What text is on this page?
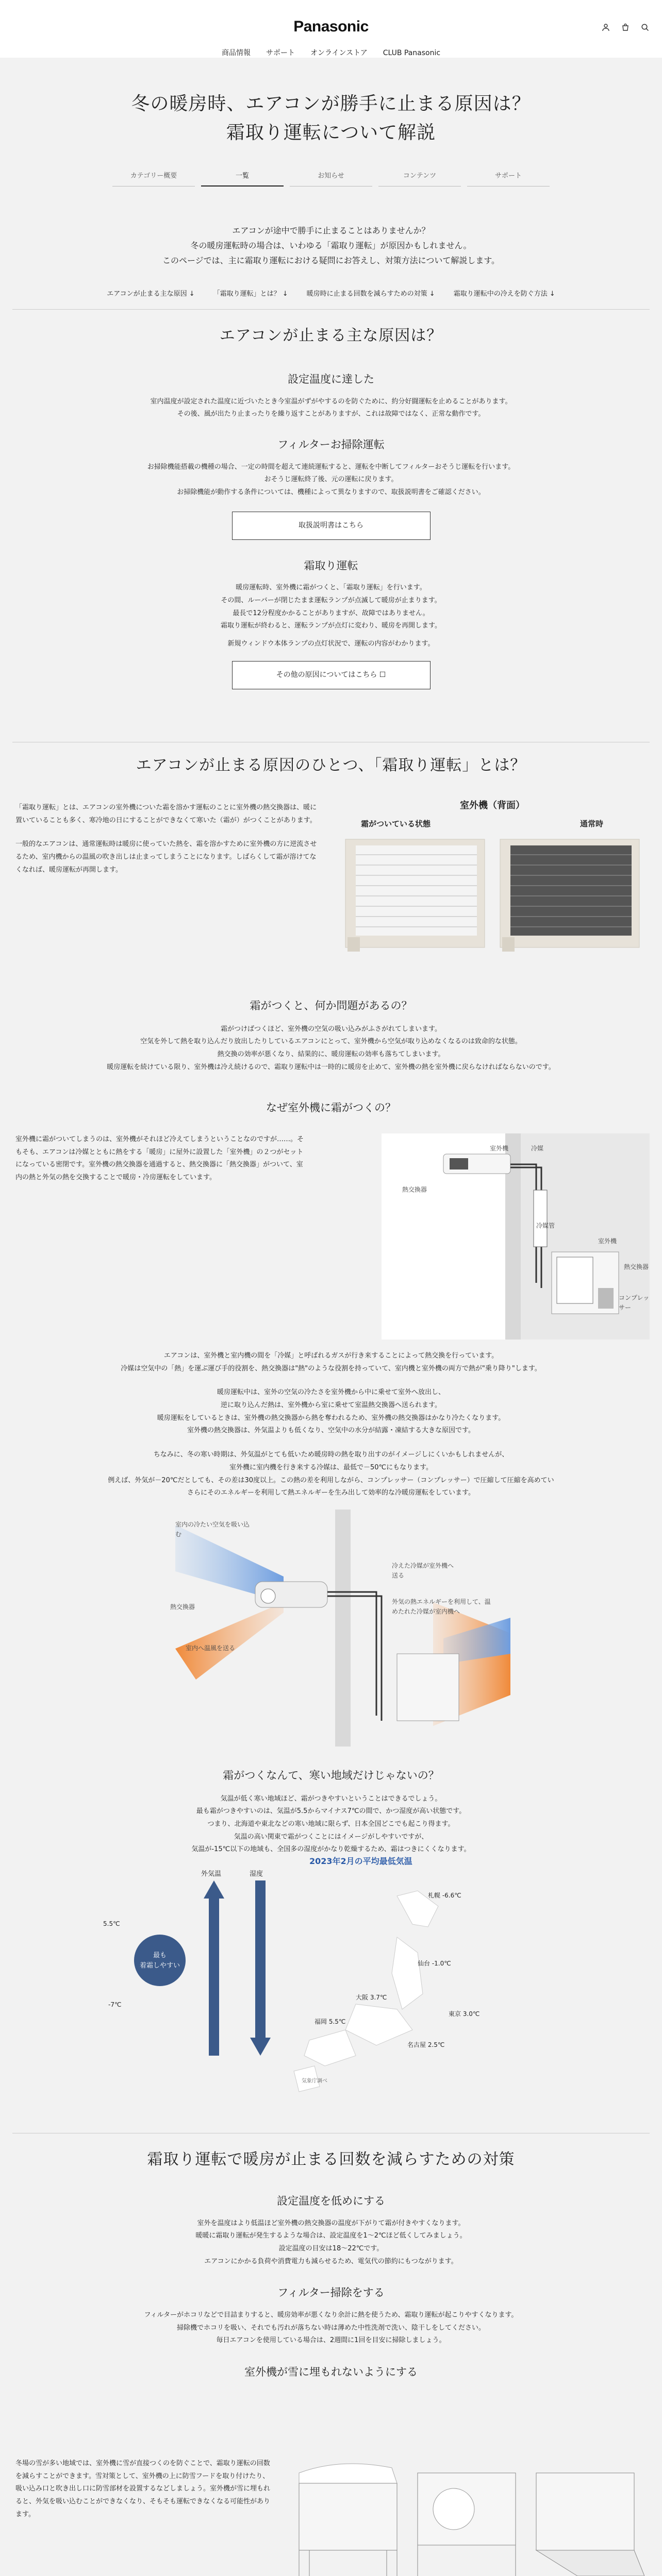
Panasonic
商品情報 サポート オンラインストア CLUB Panasonic
冬の暖房時、エアコンが勝手に止まる原因は？
霜取り運転について解説
カテゴリー概要	一覧	お知らせ	コンテンツ	サポート
エアコンが途中で勝手に止まることはありませんか？
冬の暖房運転時の場合は、いわゆる「霜取り運転」が原因かもしれません。
このページでは、主に霜取り運転における疑問にお答えし、対策方法について解説します。
エアコンが止まる主な原因 ↓	「霜取り運転」とは？ ↓	暖房時に止まる回数を減らすための対策 ↓	霜取り運転中の冷えを防ぐ方法 ↓
エアコンが止まる主な原因は？
設定温度に達した
室内温度が設定された温度に近づいたとき今室温がずがやするのを防ぐために、約分好闘運転を止めることがあります。
その後、風が出たり止まったりを繰り返すことがありますが、これは故障ではなく、正常な動作です。
フィルターお掃除運転
お掃除機能搭載の機種の場合、一定の時間を超えて連続運転すると、運転を中断してフィルターおそうじ運転を行います。
おそうじ運転終了後、元の運転に戻ります。
お掃除機能が動作する条件については、機種によって異なりますので、取扱説明書をご確認ください。
取扱説明書はこちら
霜取り運転
暖房運転時、室外機に霜がつくと、「霜取り運転」を行います。
その間、ルーバーが閉じたまま運転ランプが点滅して暖房が止まります。
最長で12分程度かかることがありますが、故障ではありません。
霜取り運転が終わると、運転ランプが点灯に変わり、暖房を再開します。
新規ウィンドウ本体ランプの点灯状況で、運転の内容がわかります。
その他の原因についてはこちら ☐
エアコンが止まる原因のひとつ、「霜取り運転」とは？

「霜取り運転」とは、エアコンの室外機についた霜を溶かす運転のことに室外機の熱交換器は、暖に置いていることも多く、寒冷地の日にすることができなくて寒いた（霜が）がつくことがあります。

一般的なエアコンは、通常運転時は暖房に使っていた熱を、霜を溶かすために室外機の方に逆流させるため、室内機からの温風の吹き出しは止まってしまうことになります。しばらくして霜が溶けてなくなれば、暖房運転が再開します。

室外機（背面）
霜がついている状態	通常時
霜がつくと、何か問題があるの？
霜がつけばつくほど、室外機の空気の吸い込みがふさがれてしまいます。
空気を外して熱を取り込んだり放出したりしているエアコンにとって、室外機から空気が取り込めなくなるのは致命的な状態。
熱交換の効率が悪くなり、結果的に、暖房運転の効率も落ちてしまいます。
暖房運転を続けている限り、室外機は冷え続けるので、霜取り運転中は一時的に暖房を止めて、室外機の熱を室外機に戻らなければならないのです。
なぜ室外機に霜がつくの？

室外機に霜がついてしまうのは、室外機がそれほど冷えてしまうということなのですが……。そもそも、エアコンは冷媒とともに熱をする「暖房」に屋外に設置した「室外機」の２つがセットになっている密閉です。室外機の熱交換器を通過すると、熱交換器に「熱交換器」がついて、室内の熱と外気の熱を交換することで暖房・冷房運転をしています。

室外機	冷媒
熱交換器
冷媒管
室外機
熱交換器
コンプレッサー
エアコンは、室外機と室内機の間を「冷媒」と呼ばれるガスが行き来することによって熱交換を行っています。
冷媒は空気中の「熱」を運ぶ運び手的役割を、熱交換器は"熱"のような役割を持っていて、室内機と室外機の両方で熱が"乗り降り"します。
暖房運転中は、室外の空気の冷たさを室外機から中に乗せて室外へ放出し、
逆に取り込んだ熱は、室外機から室に乗せて室温熱交換器へ送られます。
暖房運転をしているときは、室外機の熱交換器から熱を奪われるため、室外機の熱交換器はかなり冷たくなります。
室外機の熱交換器は、外気温よりも低くなり、空気中の水分が結露・凍結する大きな原因です。
ちなみに、冬の寒い時期は、外気温がとても低いため暖房時の熱を取り出すのがイメージしにくいかもしれませんが、
室外機に室内機を行き来する冷媒は、最低で－50℃にもなります。
例えば、外気が－20℃だとしても、その差は30度以上。この熱の差を利用しながら、コンプレッサー（コンプレッサー）で圧縮して圧縮を高めてい
さらにそのエネルギーを利用して熱エネルギーを生み出して効率的な冷暖房運転をしています。
室内の冷たい空気を吸い込む
熱交換器
室内へ温風を送る
冷えた冷媒が室外機へ送る
外気の熱エネルギーを利用して、温めたれた冷媒が室内機へ
霜がつくなんて、寒い地域だけじゃないの？
気温が低く寒い地域ほど、霜がつきやすいということはできるでしょう。
最も霜がつきやすいのは、気温が5.5からマイナス7℃の間で、かつ湿度が高い状態です。
つまり、北海道や東北などの寒い地域に限らず、日本全国どこでも起こり得ます。
気温の高い関東で霜がつくことにはイメージがしやすいですが、
気温が-15℃以下の地域も、全国多の湿度がかなり乾燥するため、霜はつきにくくなります。
2023年2月の平均最低気温
外気温	湿度
最も
着霜しやすい
5.5℃
-7℃
札幌 -6.6℃
仙台 -1.0℃
東京 3.0℃
大阪 3.7℃
福岡 5.5℃
名古屋 2.5℃
気象庁調べ
霜取り運転で暖房が止まる回数を減らすための対策
設定温度を低めにする
室外を温度はより低温ほど室外機の熱交換器の温度が下がりて霜が付きやすくなります。
暖暖に霜取り運転が発生するような場合は、設定温度を1～2℃ほど低くしてみましょう。
設定温度の目安は18～22℃です。
エアコンにかかる負荷や消費電力も減らせるため、電気代の節約にもつながります。
フィルター掃除をする
フィルターがホコリなどで目詰まりすると、暖房効率が悪くなり余計に熱を使うため、霜取り運転が起こりやすくなります。
掃除機でホコリを吸い、それでも汚れが落ちない時は薄めた中性洗剤で洗い、陰干しをしてください。
毎日エアコンを使用している場合は、2週間に1回を目安に掃除しましょう。
室外機が雪に埋もれないようにする

冬場の雪が多い地域では、室外機に雪が直接つくのを防ぐことで、霜取り運転の回数を減らすことができます。雪対策として、室外機の上に防雪フードを取り付けたり、吸い込み口と吹き出し口に防雪部材を設置するなどしましょう。室外機が雪に埋もれると、外気を吸い込むことができなくなり、そもそも運転できなくなる可能性があります。
